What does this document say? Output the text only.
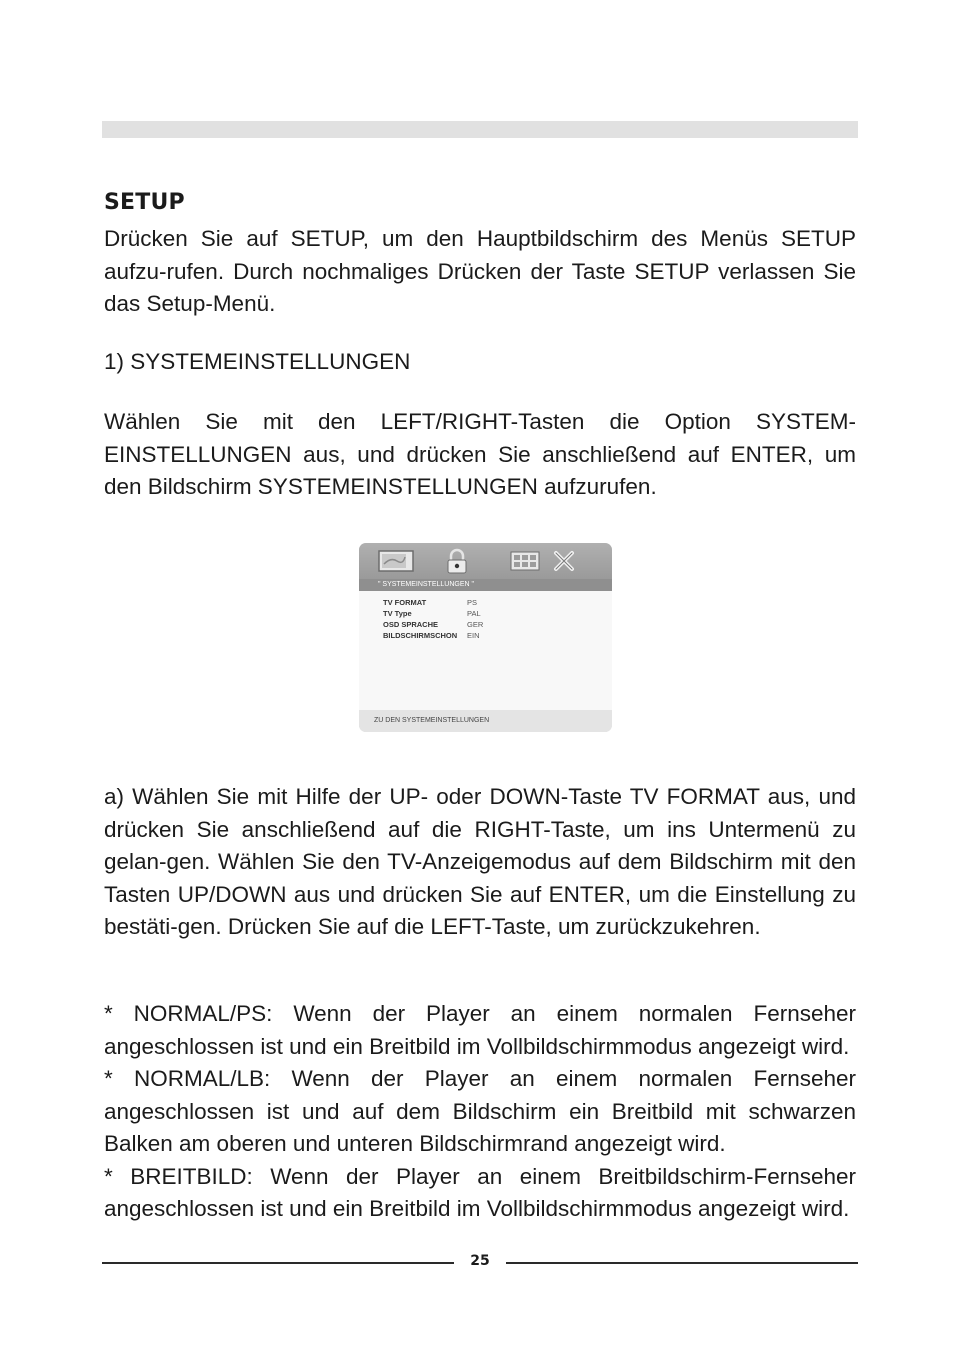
SETUP
Drücken Sie auf SETUP, um den Hauptbildschirm des Menüs SETUP aufzu-rufen. Durch nochmaliges Drücken der Taste SETUP verlassen Sie das Setup-Menü.
1) SYSTEMEINSTELLUNGEN
Wählen Sie mit den LEFT/RIGHT-Tasten die Option SYSTEM-EINSTELLUNGEN aus, und drücken Sie anschließend auf ENTER, um den Bildschirm SYSTEMEINSTELLUNGEN aufzurufen.
" SYSTEMEINSTELLUNGEN "
TV FORMAT	PS
TV Type	PAL
OSD SPRACHE	GER
BILDSCHIRMSCHON EIN
ZU DEN SYSTEMEINSTELLUNGEN
a) Wählen Sie mit Hilfe der UP- oder DOWN-Taste TV FORMAT aus, und drücken Sie anschließend auf die RIGHT-Taste, um ins Untermenü zu gelan-gen. Wählen Sie den TV-Anzeigemodus auf dem Bildschirm mit den Tasten UP/DOWN aus und drücken Sie auf ENTER, um die Einstellung zu bestäti-gen. Drücken Sie auf die LEFT-Taste, um zurückzukehren.
* NORMAL/PS: Wenn der Player an einem normalen Fernseher angeschlossen ist und ein Breitbild im Vollbildschirmmodus angezeigt wird.
* NORMAL/LB: Wenn der Player an einem normalen Fernseher angeschlossen ist und auf dem Bildschirm ein Breitbild mit schwarzen Balken am oberen und unteren Bildschirmrand angezeigt wird.
* BREITBILD: Wenn der Player an einem Breitbildschirm-Fernseher angeschlossen ist und ein Breitbild im Vollbildschirmmodus angezeigt wird.
25
